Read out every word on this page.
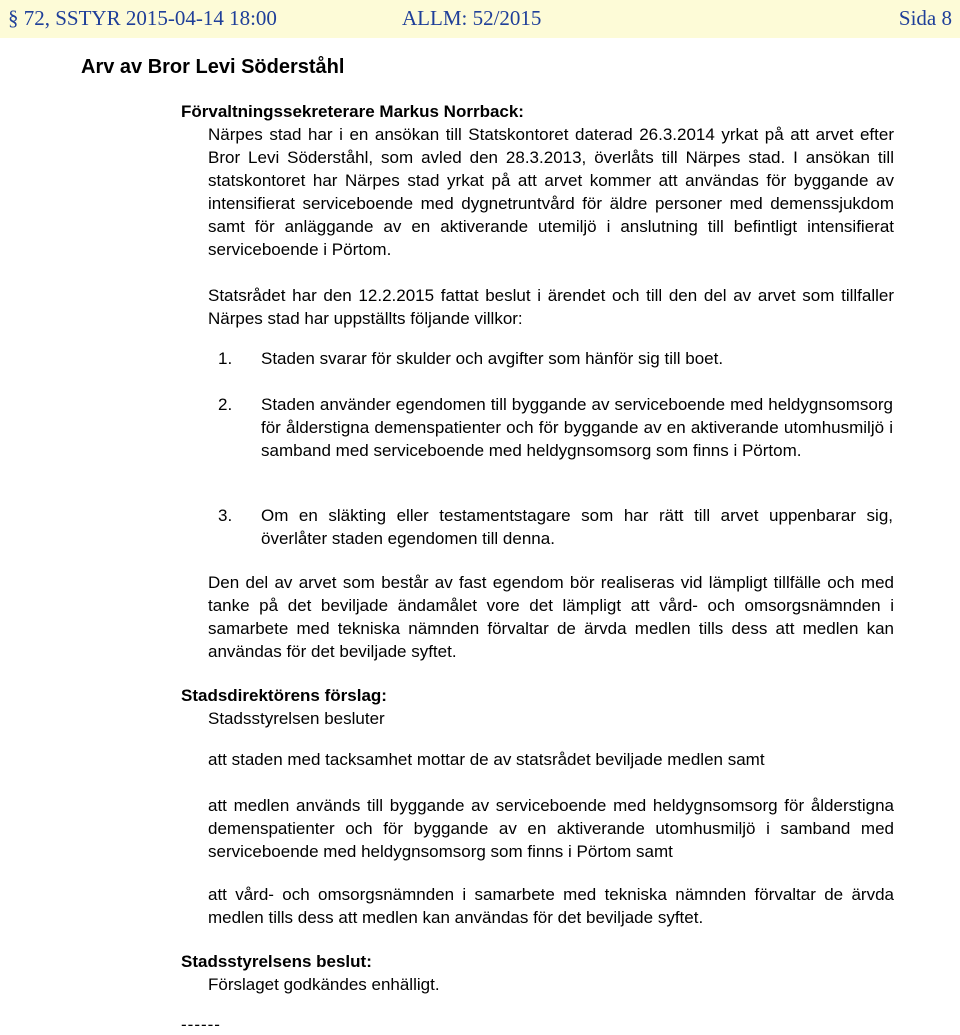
§ 72, SSTYR 2015-04-14 18:00	ALLM: 52/2015	Sida 8
Arv av Bror Levi Söderståhl
Förvaltningssekreterare Markus Norrback:
Närpes stad har i en ansökan till Statskontoret daterad 26.3.2014 yrkat på att arvet efter Bror Levi Söderståhl, som avled den 28.3.2013, överlåts till Närpes stad. I ansökan till statskontoret har Närpes stad yrkat på att arvet kommer att användas för byggande av intensifierat serviceboende med dygnetruntvård för äldre personer med demenssjukdom samt för anläggande av en aktiverande utemiljö i anslutning till befintligt intensifierat serviceboende i Pörtom.
Statsrådet har den 12.2.2015 fattat beslut i ärendet och till den del av arvet som tillfaller Närpes stad har uppställts följande villkor:
1. Staden svarar för skulder och avgifter som hänför sig till boet.
2. Staden använder egendomen till byggande av serviceboende med heldygnsomsorg för ålderstigna demenspatienter och för byggande av en aktiverande utomhusmiljö i samband med serviceboende med heldygnsomsorg som finns i Pörtom.
3. Om en släkting eller testamentstagare som har rätt till arvet uppenbarar sig, överlåter staden egendomen till denna.
Den del av arvet som består av fast egendom bör realiseras vid lämpligt tillfälle och med tanke på det beviljade ändamålet vore det lämpligt att vård- och omsorgsnämnden i samarbete med tekniska nämnden förvaltar de ärvda medlen tills dess att medlen kan användas för det beviljade syftet.
Stadsdirektörens förslag:
Stadsstyrelsen besluter
att staden med tacksamhet mottar de av statsrådet beviljade medlen samt
att medlen används till byggande av serviceboende med heldygnsomsorg för ålderstigna demenspatienter och för byggande av en aktiverande utomhusmiljö i samband med serviceboende med heldygnsomsorg som finns i Pörtom samt
att vård- och omsorgsnämnden i samarbete med tekniska nämnden förvaltar de ärvda medlen tills dess att medlen kan användas för det beviljade syftet.
Stadsstyrelsens beslut:
Förslaget godkändes enhälligt.
------
